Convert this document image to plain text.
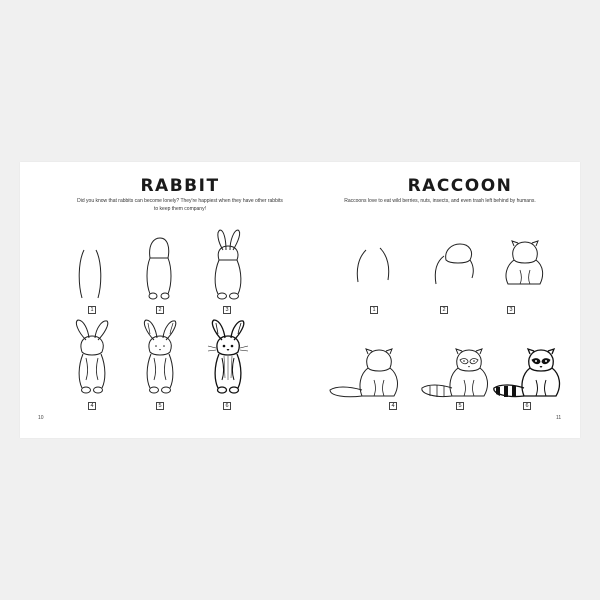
RABBIT
Did you know that rabbits can become lonely? They're happiest when they have other rabbits
to keep them company!
1	2	3
4	5	6
10
RACCOON
Raccoons love to eat wild berries, nuts, insects, and even trash left behind by humans.
1	2	3
4	5	6
11
